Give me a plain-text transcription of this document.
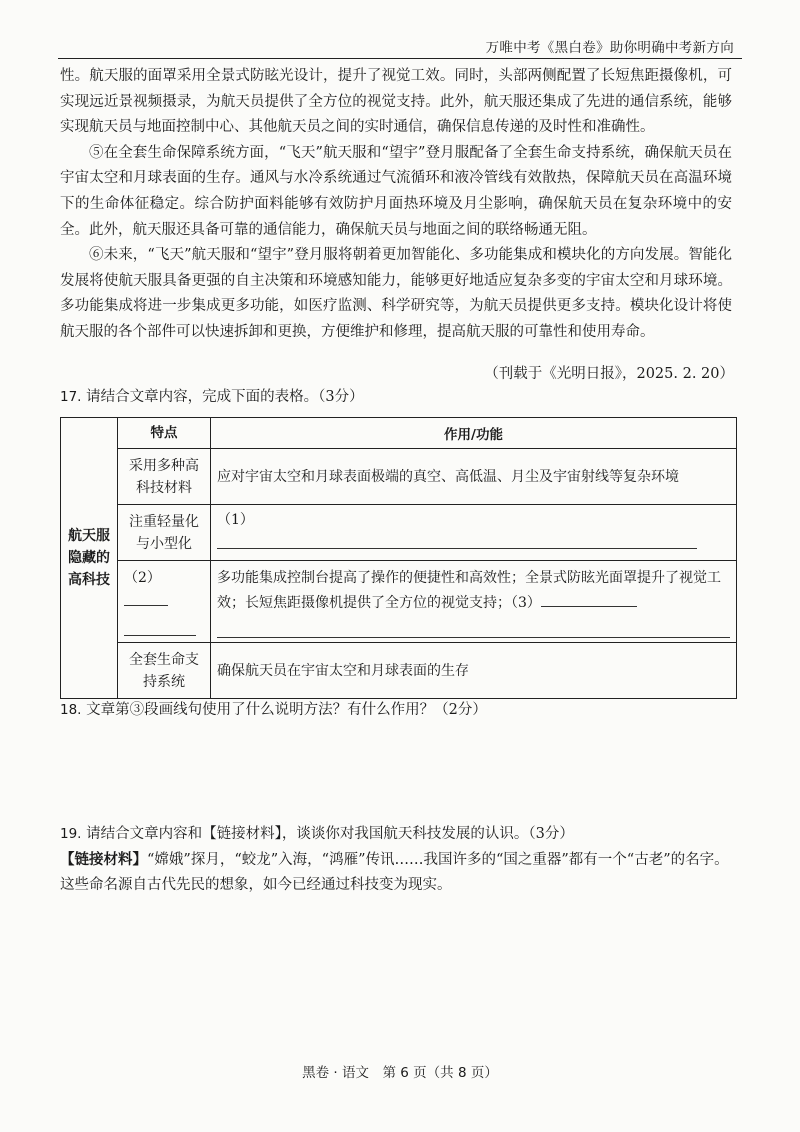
万唯中考《黑白卷》助你明确中考新方向

性。航天服的面罩采用全景式防眩光设计，提升了视觉工效。同时，头部两侧配置了长短焦距摄像机，可实现远近景视频摄录，为航天员提供了全方位的视觉支持。此外，航天服还集成了先进的通信系统，能够实现航天员与地面控制中心、其他航天员之间的实时通信，确保信息传递的及时性和准确性。

⑤在全套生命保障系统方面，“飞天”航天服和“望宇”登月服配备了全套生命支持系统，确保航天员在宇宙太空和月球表面的生存。通风与水冷系统通过气流循环和液冷管线有效散热，保障航天员在高温环境下的生命体征稳定。综合防护面料能够有效防护月面热环境及月尘影响，确保航天员在复杂环境中的安全。此外，航天服还具备可靠的通信能力，确保航天员与地面之间的联络畅通无阻。

⑥未来，“飞天”航天服和“望宇”登月服将朝着更加智能化、多功能集成和模块化的方向发展。智能化发展将使航天服具备更强的自主决策和环境感知能力，能够更好地适应复杂多变的宇宙太空和月球环境。多功能集成将进一步集成更多功能，如医疗监测、科学研究等，为航天员提供更多支持。模块化设计将使航天服的各个部件可以快速拆卸和更换，方便维护和修理，提高航天服的可靠性和使用寿命。

（刊载于《光明日报》，2025. 2. 20）
17. 请结合文章内容，完成下面的表格。（3分）
航天服
隐藏的
高科技	特点	作用/功能
	采用多种高科技材料	应对宇宙太空和月球表面极端的真空、高低温、月尘及宇宙射线等复杂环境
	注重轻量化与小型化	（1）
	（2）	多功能集成控制台提高了操作的便捷性和高效性；全景式防眩光面罩提升了视觉工效；长短焦距摄像机提供了全方位的视觉支持；（3）

	全套生命支持系统	确保航天员在宇宙太空和月球表面的生存
18. 文章第③段画线句使用了什么说明方法？有什么作用？（2分）
19. 请结合文章内容和【链接材料】，谈谈你对我国航天科技发展的认识。（3分）
【链接材料】“嫦娥”探月，“蛟龙”入海，“鸿雁”传讯……我国许多的“国之重器”都有一个“古老”的名字。这些命名源自古代先民的想象，如今已经通过科技变为现实。
黑卷 · 语文　第 6 页（共 8 页）
